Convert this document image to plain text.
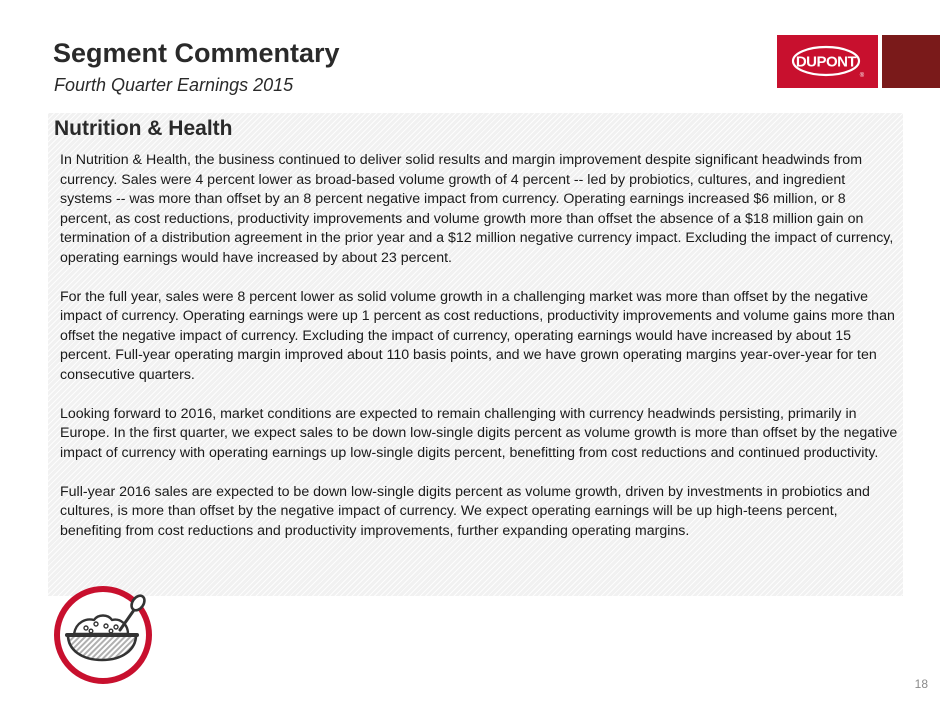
Segment Commentary
Fourth Quarter Earnings 2015
DUPONT
®
Nutrition & Health

In Nutrition & Health, the business continued to deliver solid results and margin improvement despite significant headwinds from currency. Sales were 4 percent lower as broad-based volume growth of 4 percent -- led by probiotics, cultures, and ingredient systems -- was more than offset by an 8 percent negative impact from currency. Operating earnings increased $6 million, or 8 percent, as cost reductions, productivity improvements and volume growth more than offset the absence of a $18 million gain on termination of a distribution agreement in the prior year and a $12 million negative currency impact. Excluding the impact of currency, operating earnings would have increased by about 23 percent.

For the full year, sales were 8 percent lower as solid volume growth in a challenging market was more than offset by the negative impact of currency. Operating earnings were up 1 percent as cost reductions, productivity improvements and volume gains more than offset the negative impact of currency. Excluding the impact of currency, operating earnings would have increased by about 15 percent. Full-year operating margin improved about 110 basis points, and we have grown operating margins year-over-year for ten consecutive quarters.

Looking forward to 2016, market conditions are expected to remain challenging with currency headwinds persisting, primarily in Europe. In the first quarter, we expect sales to be down low-single digits percent as volume growth is more than offset by the negative impact of currency with operating earnings up low-single digits percent, benefitting from cost reductions and continued productivity.

Full-year 2016 sales are expected to be down low-single digits percent as volume growth, driven by investments in probiotics and cultures, is more than offset by the negative impact of currency. We expect operating earnings will be up high-teens percent, benefiting from cost reductions and productivity improvements, further expanding operating margins.

18
